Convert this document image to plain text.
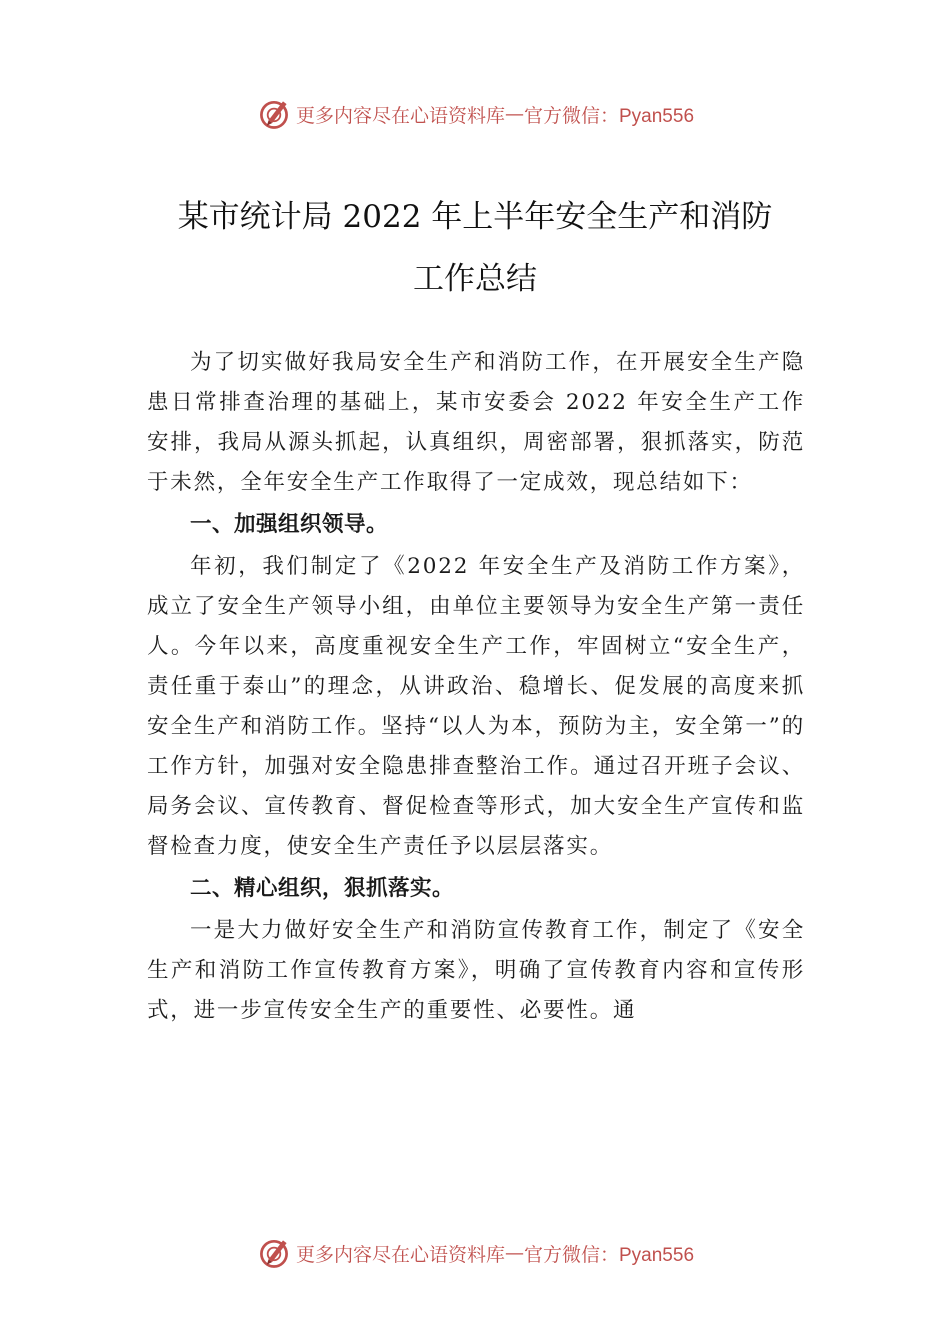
更多内容尽在心语资料库 — 官方微信：Pyan556
某市统计局 2022 年上半年安全生产和消防
工作总结

为了切实做好我局安全生产和消防工作，在开展安全生产隐患日常排查治理的基础上，某市安委会 2022 年安全生产工作安排，我局从源头抓起，认真组织，周密部署，狠抓落实，防范于未然，全年安全生产工作取得了一定成效，现总结如下：

一、加强组织领导。

年初，我们制定了《2022 年安全生产及消防工作方案》，成立了安全生产领导小组，由单位主要领导为安全生产第一责任人。今年以来，高度重视安全生产工作，牢固树立“安全生产，责任重于泰山”的理念，从讲政治、稳增长、促发展的高度来抓安全生产和消防工作。坚持“以人为本，预防为主，安全第一”的工作方针，加强对安全隐患排查整治工作。通过召开班子会议、局务会议、宣传教育、督促检查等形式，加大安全生产宣传和监督检查力度，使安全生产责任予以层层落实。

二、精心组织，狠抓落实。

一是大力做好安全生产和消防宣传教育工作，制定了《安全生产和消防工作宣传教育方案》，明确了宣传教育内容和宣传形式，进一步宣传安全生产的重要性、必要性。通

更多内容尽在心语资料库 — 官方微信：Pyan556
